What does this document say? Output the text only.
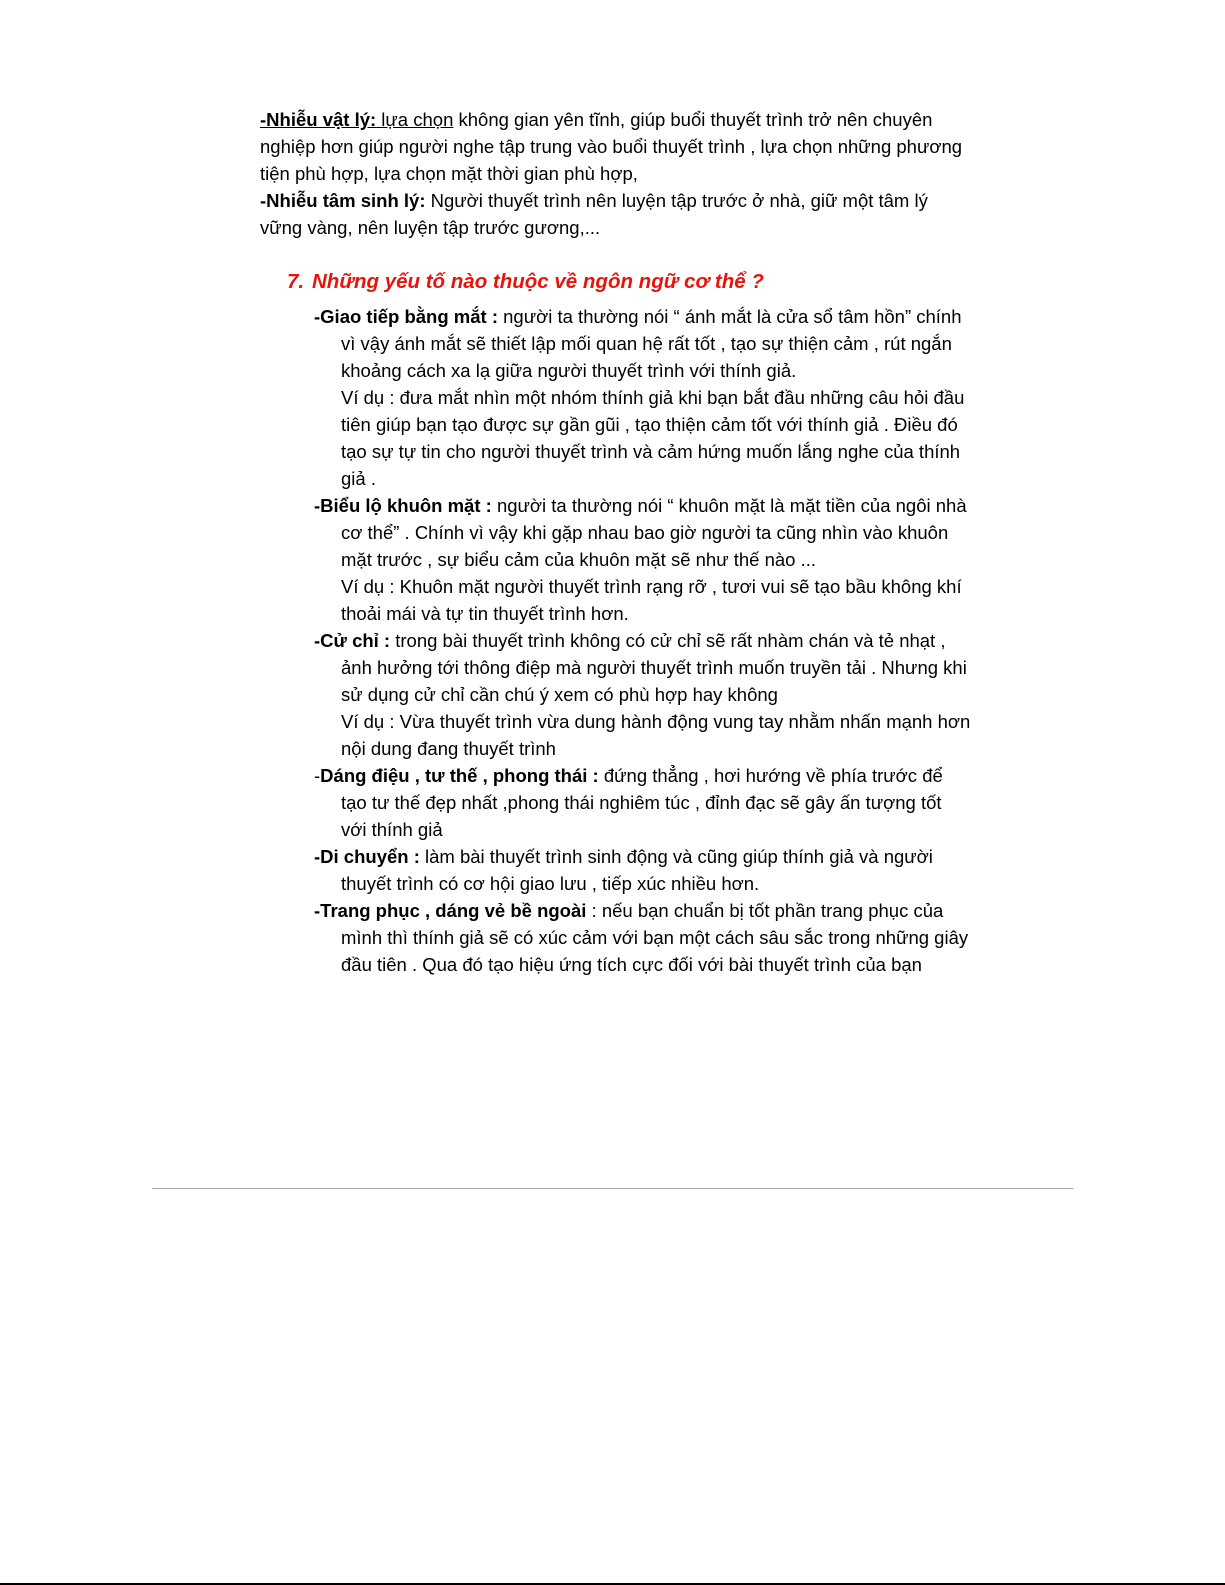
-Nhiễu vật lý: lựa chọn không gian yên tĩnh, giúp buổi thuyết trình trở nên chuyên nghiệp hơn giúp người nghe tập trung vào buổi thuyết trình , lựa chọn những phương tiện phù hợp, lựa chọn mặt thời gian phù hợp,

-Nhiễu tâm sinh lý: Người thuyết trình nên luyện tập trước ở nhà, giữ một tâm lý vững vàng, nên luyện tập trước gương,...

7. Những yếu tố nào thuộc về ngôn ngữ cơ thể ?
-Giao tiếp bằng mắt : người ta thường nói “ ánh mắt là cửa sổ tâm hồn” chính vì vậy ánh mắt sẽ thiết lập mối quan hệ rất tốt , tạo sự thiện cảm , rút ngắn khoảng cách xa lạ giữa người thuyết trình với thính giả.
Ví dụ : đưa mắt nhìn một nhóm thính giả khi bạn bắt đầu những câu hỏi đầu tiên giúp bạn tạo được sự gần gũi , tạo thiện cảm tốt với thính giả . Điều đó tạo sự tự tin cho người thuyết trình và cảm hứng muốn lắng nghe của thính giả .
-Biểu lộ khuôn mặt : người ta thường nói “ khuôn mặt là mặt tiền của ngôi nhà cơ thể” . Chính vì vậy khi gặp nhau bao giờ người ta cũng nhìn vào khuôn mặt trước , sự biểu cảm của khuôn mặt sẽ như thế nào ...
Ví dụ : Khuôn mặt người thuyết trình rạng rỡ , tươi vui sẽ tạo bầu không khí thoải mái và tự tin thuyết trình hơn.
-Cử chỉ : trong bài thuyết trình không có cử chỉ sẽ rất nhàm chán và tẻ nhạt , ảnh hưởng tới thông điệp mà người thuyết trình muốn truyền tải . Nhưng khi sử dụng cử chỉ cần chú ý xem có phù hợp hay không
Ví dụ : Vừa thuyết trình vừa dung hành động vung tay nhằm nhấn mạnh hơn nội dung đang thuyết trình
-Dáng điệu , tư thế , phong thái : đứng thẳng , hơi hướng về phía trước để tạo tư thế đẹp nhất ,phong thái nghiêm túc , đỉnh đạc sẽ gây ấn tượng tốt với thính giả
-Di chuyển : làm bài thuyết trình sinh động và cũng giúp thính giả và người thuyết trình có cơ hội giao lưu , tiếp xúc nhiều hơn.
-Trang phục , dáng vẻ bề ngoài : nếu bạn chuẩn bị tốt phần trang phục của mình thì thính giả sẽ có xúc cảm với bạn một cách sâu sắc trong những giây đầu tiên . Qua đó tạo hiệu ứng tích cực đối với bài thuyết trình của bạn
